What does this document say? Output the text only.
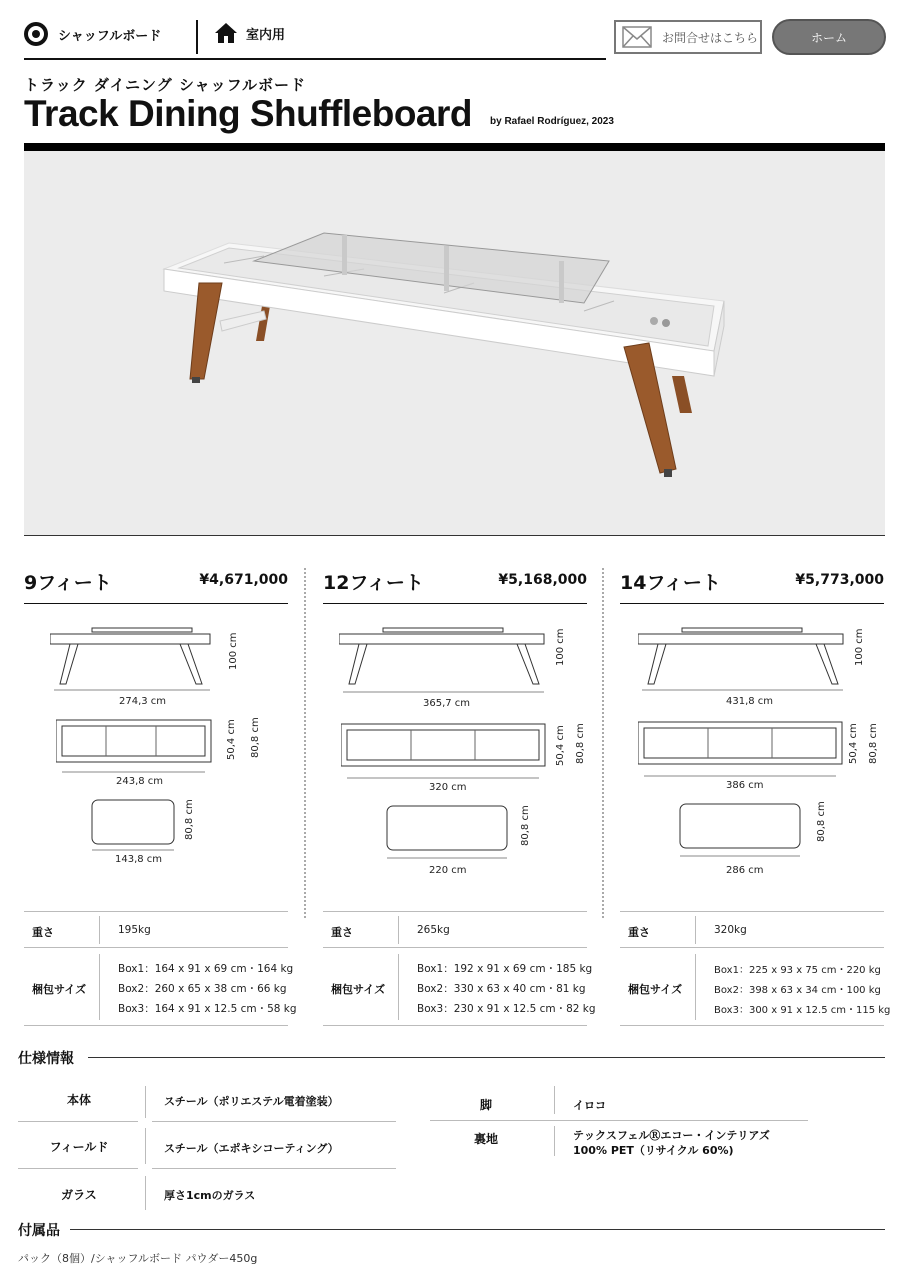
シャッフルボード	室内用	お問合せはこちら	ホーム
トラック ダイニング シャッフルボード
Track Dining Shuffleboard by Rafael Rodríguez, 2023
9フィート	¥4,671,000
100 cm
274,3 cm
50,4 cm 80,8 cm
243,8 cm
80,8 cm
143,8 cm
重さ	195kg
梱包サイズ
Box1：164 x 91 x 69 cm・164 kg
Box2：260 x 65 x 38 cm・66 kg
Box3：164 x 91 x 12.5 cm・58 kg
12フィート	¥5,168,000
100 cm
365,7 cm
50,4 cm 80,8 cm
320 cm
80,8 cm
220 cm
重さ	265kg
梱包サイズ
Box1：192 x 91 x 69 cm・185 kg
Box2：330 x 63 x 40 cm・81 kg
Box3：230 x 91 x 12.5 cm・82 kg
14フィート	¥5,773,000
100 cm
431,8 cm
50,4 cm 80,8 cm
386 cm
80,8 cm
286 cm
重さ	320kg
梱包サイズ
Box1：225 x 93 x 75 cm・220 kg
Box2：398 x 63 x 34 cm・100 kg
Box3：300 x 91 x 12.5 cm・115 kg
仕様情報
本体	スチール（ポリエステル電着塗装）
フィールド	スチール（エポキシコーティング）
ガラス	厚さ1cmのガラス
脚	イロコ
裏地	テックスフェルⓇエコー・インテリアズ
100% PET（リサイクル 60%)
付属品
パック（8個）/シャッフルボード パウダー450g
